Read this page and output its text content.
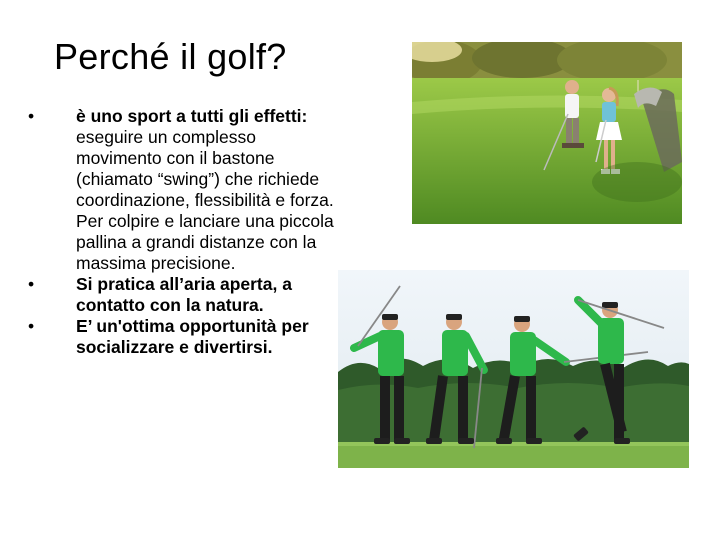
Perché il golf?
•	è uno sport a tutti gli effetti: eseguire un complesso movimento con il bastone (chiamato “swing”) che richiede coordinazione, flessibilità e forza. Per colpire e lanciare una piccola pallina a grandi distanze con la massima precisione.
•	Si pratica all’aria aperta, a contatto con la natura.
•	E’ un'ottima opportunità per socializzare e divertirsi.
